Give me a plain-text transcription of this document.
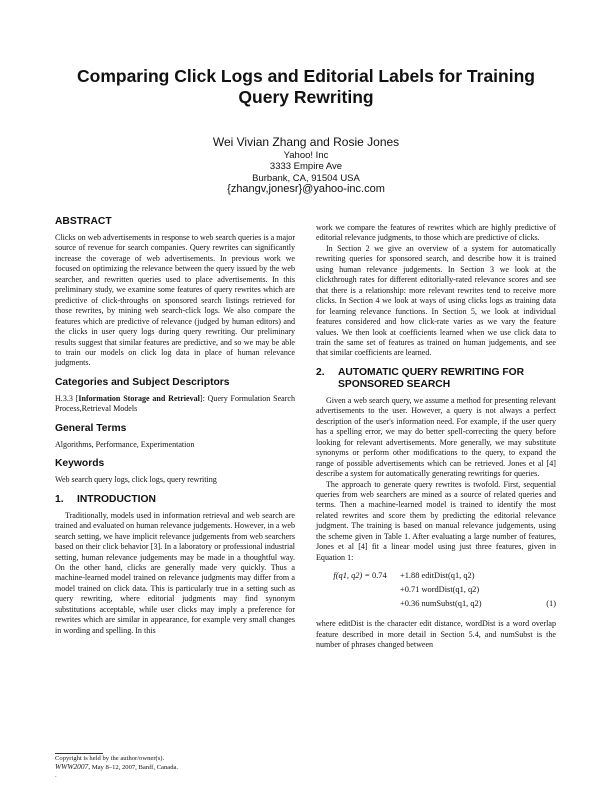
Comparing Click Logs and Editorial Labels for Training
Query Rewriting
Wei Vivian Zhang and Rosie Jones
Yahoo! Inc
3333 Empire Ave
Burbank, CA, 91504 USA
{zhangv,jonesr}@yahoo-inc.com
ABSTRACT

Clicks on web advertisements in response to web search queries is a major source of revenue for search companies. Query rewrites can significantly increase the coverage of web advertisements. In previous work we focused on optimizing the relevance between the query issued by the web searcher, and rewritten queries used to place advertisements. In this preliminary study, we examine some features of query rewrites which are predictive of click-throughs on sponsored search listings retrieved for those rewrites, by mining web search-click logs. We also compare the features which are predictive of relevance (judged by human editors) and the clicks in user query logs during query rewriting. Our preliminary results suggest that similar features are predictive, and so we may be able to train our models on click log data in place of human relevance judgments.

Categories and Subject Descriptors

H.3.3 [Information Storage and Retrieval]: Query Formulation Search Process,Retrieval Models

General Terms

Algorithms, Performance, Experimentation

Keywords

Web search query logs, click logs, query rewriting

1. INTRODUCTION

Traditionally, models used in information retrieval and web search are trained and evaluated on human relevance judgements. However, in a web search setting, we have implicit relevance judgements from web searchers based on their click behavior [3]. In a laboratory or professional industrial setting, human relevance judgements may be made in a thoughtful way. On the other hand, clicks are generally made very quickly. Thus a machine-learned model trained on relevance judgments may differ from a model trained on click data. This is particularly true in a setting such as query rewriting, where editorial judgments may find synonym substitutions acceptable, while user clicks may imply a preference for rewrites which are similar in appearance, for example very small changes in wording and spelling. In this

work we compare the features of rewrites which are highly predictive of editorial relevance judgments, to those which are predictive of clicks.

In Section 2 we give an overview of a system for automatically rewriting queries for sponsored search, and describe how it is trained using human relevance judgements. In Section 3 we look at the clickthrough rates for different editorially-rated relevance scores and see that there is a relationship: more relevant rewrites tend to receive more clicks. In Section 4 we look at ways of using clicks logs as training data for learning relevance functions. In Section 5, we look at individual features considered and how click-rate varies as we vary the feature values. We then look at coefficients learned when we use click data to train the same set of features as trained on human judgements, and see that similar coefficients are learned.

2. AUTOMATIC QUERY REWRITING FOR SPONSORED SEARCH

Given a web search query, we assume a method for presenting relevant advertisements to the user. However, a query is not always a perfect description of the user's information need. For example, if the user query has a spelling error, we may do better spell-correcting the query before looking for relevant advertisements. More generally, we may substitute synonyms or perform other modifications to the query, to expand the range of possible advertisements which can be retrieved. Jones et al [4] describe a system for automatically generating rewritings for queries.

The approach to generate query rewrites is twofold. First, sequential queries from web searchers are mined as a source of related queries and terms. Then a machine-learned model is trained to identify the most related rewrites and score them by predicting the editorial relevance judgment. The training is based on manual relevance judgements, using the scheme given in Table 1. After evaluating a large number of features, Jones et al [4] fit a linear model using just three features, given in Equation 1:

f(q1, q2) = 0.74 +1.88 editDist(q1, q2)
+0.71 wordDist(q1, q2)
+0.36 numSubst(q1, q2)	(1)

where editDist is the character edit distance, wordDist is a word overlap feature described in more detail in Section 5.4, and numSubst is the number of phrases changed between

Copyright is held by the author/owner(s).
WWW2007, May 8–12, 2007, Banff, Canada.
.
